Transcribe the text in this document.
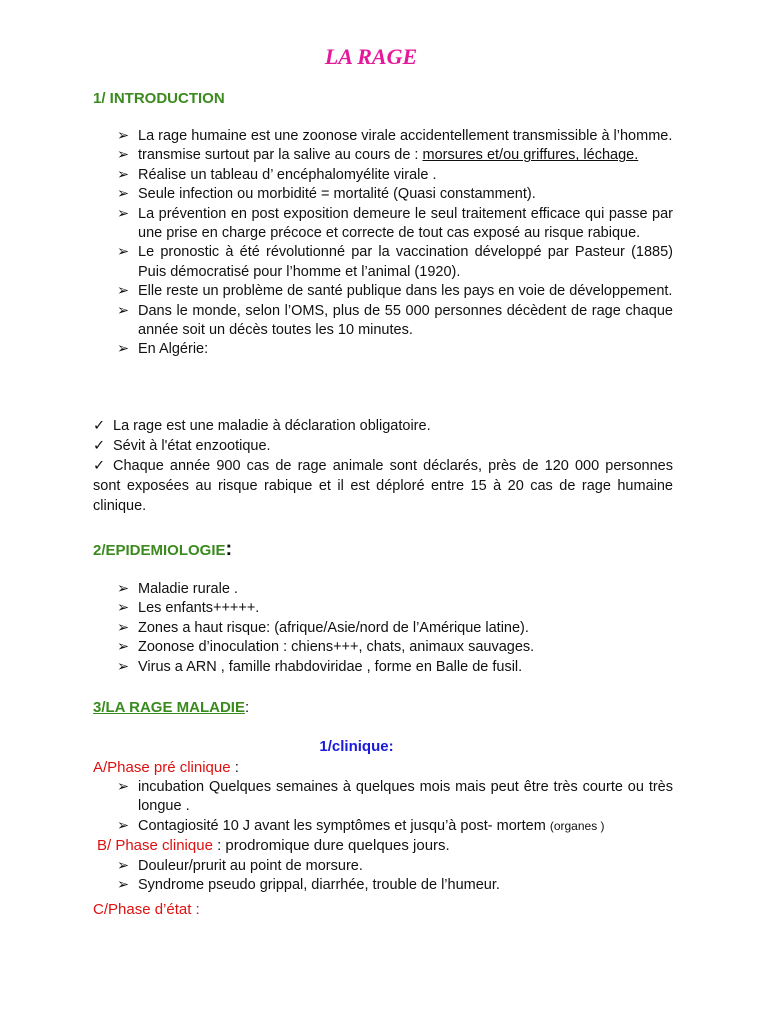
LA RAGE
1/ INTRODUCTION
➢ La rage humaine est une zoonose virale accidentellement transmissible à l’homme.
➢ transmise surtout par la salive au cours de : morsures et/ou griffures, léchage.
➢ Réalise un tableau d’ encéphalomyélite virale .
➢ Seule infection ou morbidité = mortalité (Quasi constamment).
➢ La prévention en post exposition demeure le seul traitement efficace qui passe par une prise en charge précoce et correcte de tout cas exposé au risque rabique.
➢ Le pronostic à été révolutionné par la vaccination développé par Pasteur (1885) Puis démocratisé pour l’homme et l’animal (1920).
➢ Elle reste un problème de santé publique dans les pays en voie de développement.
➢ Dans le monde, selon l’OMS, plus de 55 000 personnes décèdent de rage chaque année soit un décès toutes les 10 minutes.
➢ En Algérie:
✓ La rage est une maladie à déclaration obligatoire.
✓ Sévit à l'état enzootique.
✓ Chaque année 900 cas de rage animale sont déclarés, près de 120 000 personnes sont exposées au risque rabique et il est déploré entre 15 à 20 cas de rage humaine clinique.
2/EPIDEMIOLOGIE:
➢ Maladie rurale .
➢ Les enfants+++++.
➢ Zones a haut risque: (afrique/Asie/nord de l’Amérique latine).
➢ Zoonose d’inoculation : chiens+++, chats, animaux sauvages.
➢ Virus a ARN , famille rhabdoviridae , forme en Balle de fusil.
3/LA RAGE MALADIE:
1/clinique:
A/Phase pré clinique :
➢ incubation Quelques semaines à quelques mois mais peut être très courte ou très longue .
➢ Contagiosité 10 J avant les symptômes et jusqu’à post- mortem (organes )
B/ Phase clinique : prodromique dure quelques jours.
➢ Douleur/prurit au point de morsure.
➢ Syndrome pseudo grippal, diarrhée, trouble de l’humeur.
C/Phase d’état :
